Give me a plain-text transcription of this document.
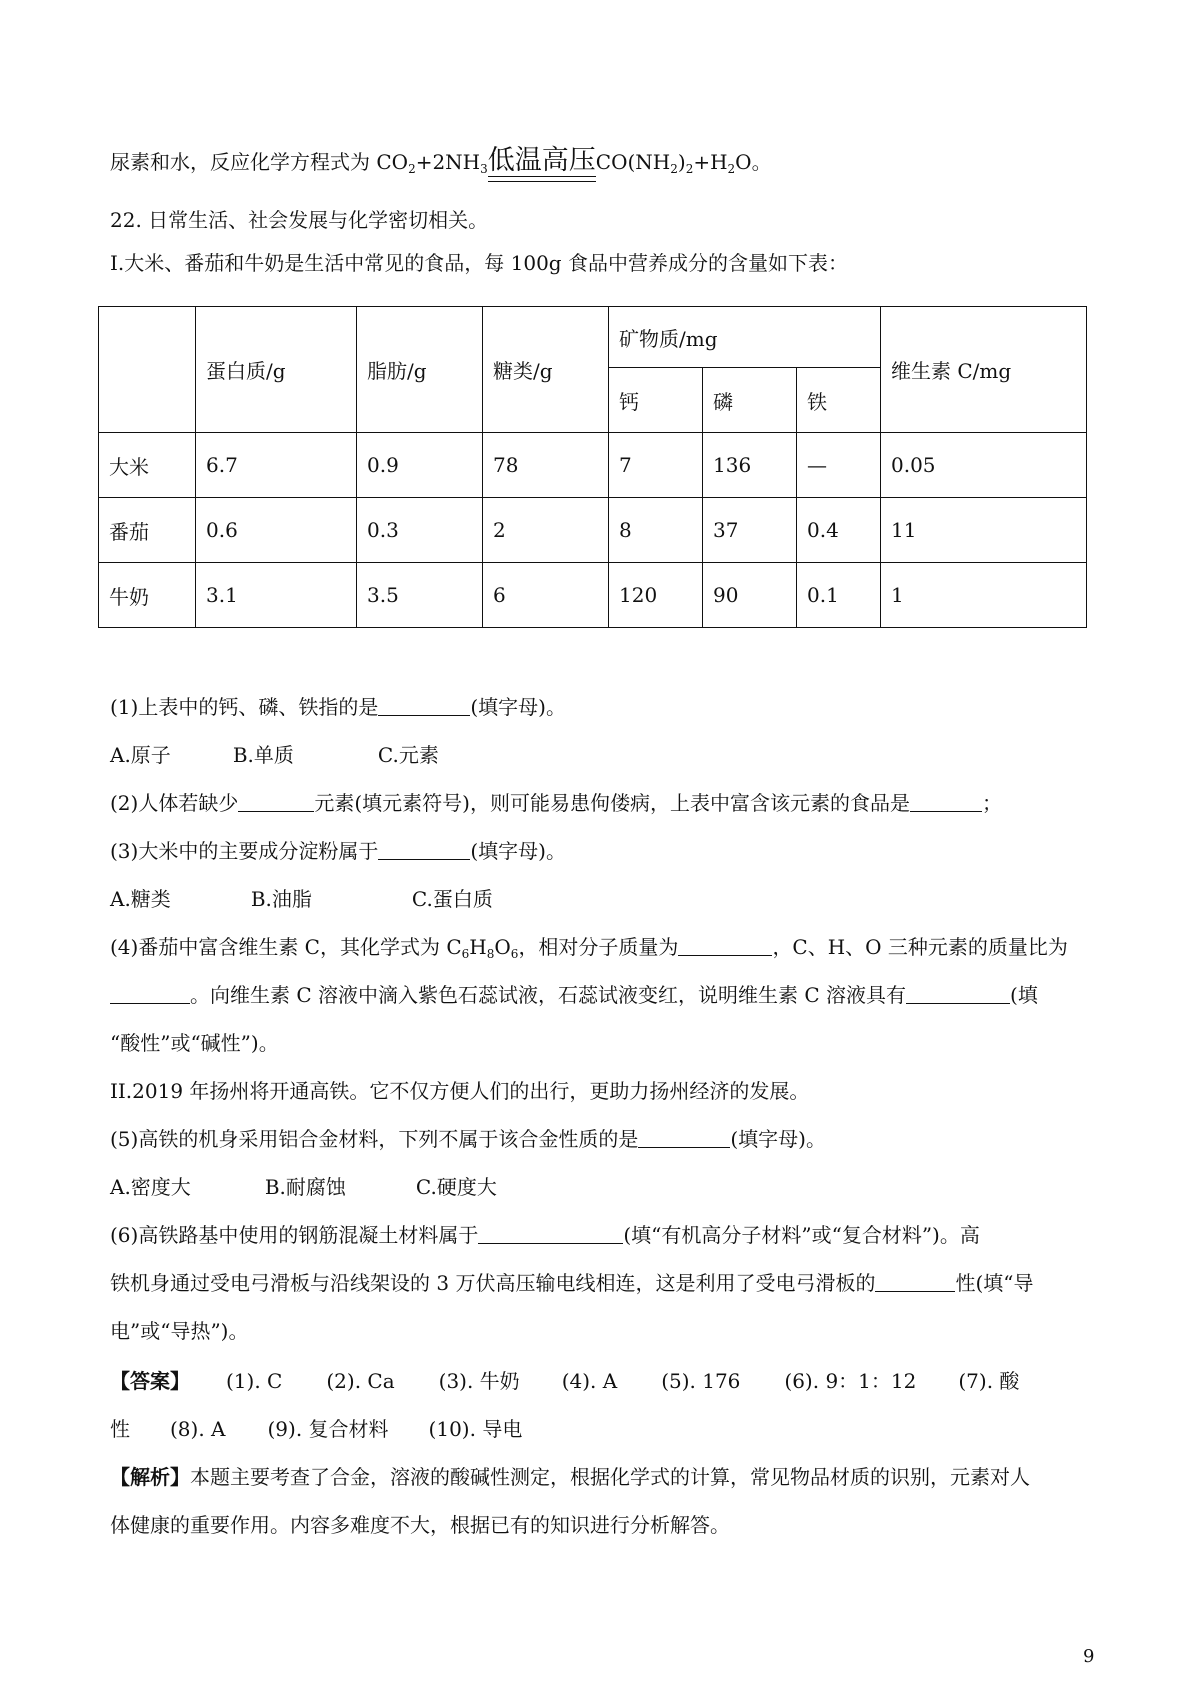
尿素和水，反应化学方程式为 $CO_2+2NH_3$低温高压$CO(NH_2)_2+H_2O$。
22. 日常生活、社会发展与化学密切相关。
I.大米、番茄和牛奶是生活中常见的食品，每 100g 食品中营养成分的含量如下表：
	蛋白质/g	脂肪/g	糖类/g	矿物质/mg			维生素 C/mg
				钙	磷	铁	
大米	6.7	0.9	78	7	136	—	0.05
番茄	0.6	0.3	2	8	37	0.4	11
牛奶	3.1	3.5	6	120	90	0.1	1
(1)上表中的钙、磷、铁指的是	(填字母)。
A.原子	B.单质	C.元素
(2)人体若缺少	元素(填元素符号)，则可能易患佝偻病，上表中富含该元素的食品是	；
(3)大米中的主要成分淀粉属于	(填字母)。
A.糖类	B.油脂	C.蛋白质
(4)番茄中富含维生素 C，其化学式为 $C_6H_8O_6$，相对分子质量为	，C、H、O 三种元素的质量比为
。向维生素 C 溶液中滴入紫色石蕊试液，石蕊试液变红，说明维生素 C 溶液具有	(填
“酸性”或“碱性”)。
II.2019 年扬州将开通高铁。它不仅方便人们的出行，更助力扬州经济的发展。
(5)高铁的机身采用铝合金材料，下列不属于该合金性质的是	(填字母)。
A.密度大	B.耐腐蚀	C.硬度大
(6)高铁路基中使用的钢筋混凝土材料属于	(填“有机高分子材料”或“复合材料”)。高
铁机身通过受电弓滑板与沿线架设的 3 万伏高压输电线相连，这是利用了受电弓滑板的	性(填“导
电”或“导热”)。
【答案】 (1). C (2). Ca (3). 牛奶 (4). A (5). 176 (6). 9：1：12 (7). 酸
性 (8). A (9). 复合材料 (10). 导电
【解析】本题主要考查了合金，溶液的酸碱性测定，根据化学式的计算，常见物品材质的识别，元素对人
体健康的重要作用。内容多难度不大，根据已有的知识进行分析解答。
9
